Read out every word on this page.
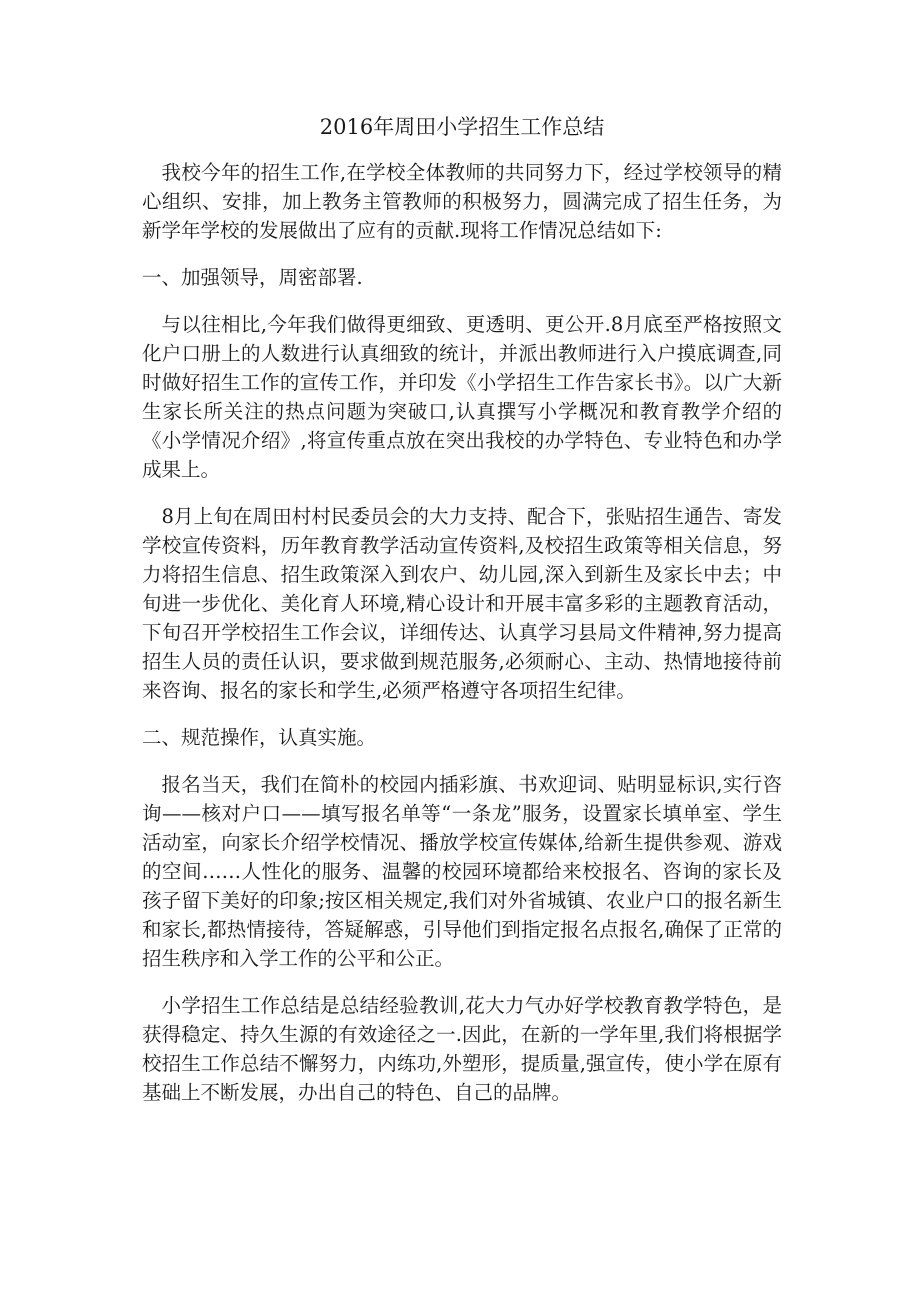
2016年周田小学招生工作总结

我校今年的招生工作,在学校全体教师的共同努力下，经过学校领导的精心组织、安排，加上教务主管教师的积极努力，圆满完成了招生任务，为新学年学校的发展做出了应有的贡献.现将工作情况总结如下:

一、加强领导，周密部署.

与以往相比,今年我们做得更细致、更透明、更公开.8月底至严格按照文化户口册上的人数进行认真细致的统计，并派出教师进行入户摸底调查,同时做好招生工作的宣传工作，并印发《小学招生工作告家长书》。以广大新生家长所关注的热点问题为突破口,认真撰写小学概况和教育教学介绍的《小学情况介绍》,将宣传重点放在突出我校的办学特色、专业特色和办学成果上。

8月上旬在周田村村民委员会的大力支持、配合下，张贴招生通告、寄发学校宣传资料，历年教育教学活动宣传资料,及校招生政策等相关信息，努力将招生信息、招生政策深入到农户、幼儿园,深入到新生及家长中去；中旬进一步优化、美化育人环境,精心设计和开展丰富多彩的主题教育活动，下旬召开学校招生工作会议，详细传达、认真学习县局文件精神,努力提高招生人员的责任认识，要求做到规范服务,必须耐心、主动、热情地接待前来咨询、报名的家长和学生,必须严格遵守各项招生纪律。

二、规范操作，认真实施。

报名当天，我们在简朴的校园内插彩旗、书欢迎词、贴明显标识,实行咨询——核对户口——填写报名单等“一条龙”服务，设置家长填单室、学生活动室，向家长介绍学校情况、播放学校宣传媒体,给新生提供参观、游戏的空间……人性化的服务、温馨的校园环境都给来校报名、咨询的家长及孩子留下美好的印象;按区相关规定,我们对外省城镇、农业户口的报名新生和家长,都热情接待，答疑解惑，引导他们到指定报名点报名,确保了正常的招生秩序和入学工作的公平和公正。

小学招生工作总结是总结经验教训,花大力气办好学校教育教学特色，是获得稳定、持久生源的有效途径之一.因此，在新的一学年里,我们将根据学校招生工作总结不懈努力，内练功,外塑形，提质量,强宣传，使小学在原有基础上不断发展，办出自己的特色、自己的品牌。
